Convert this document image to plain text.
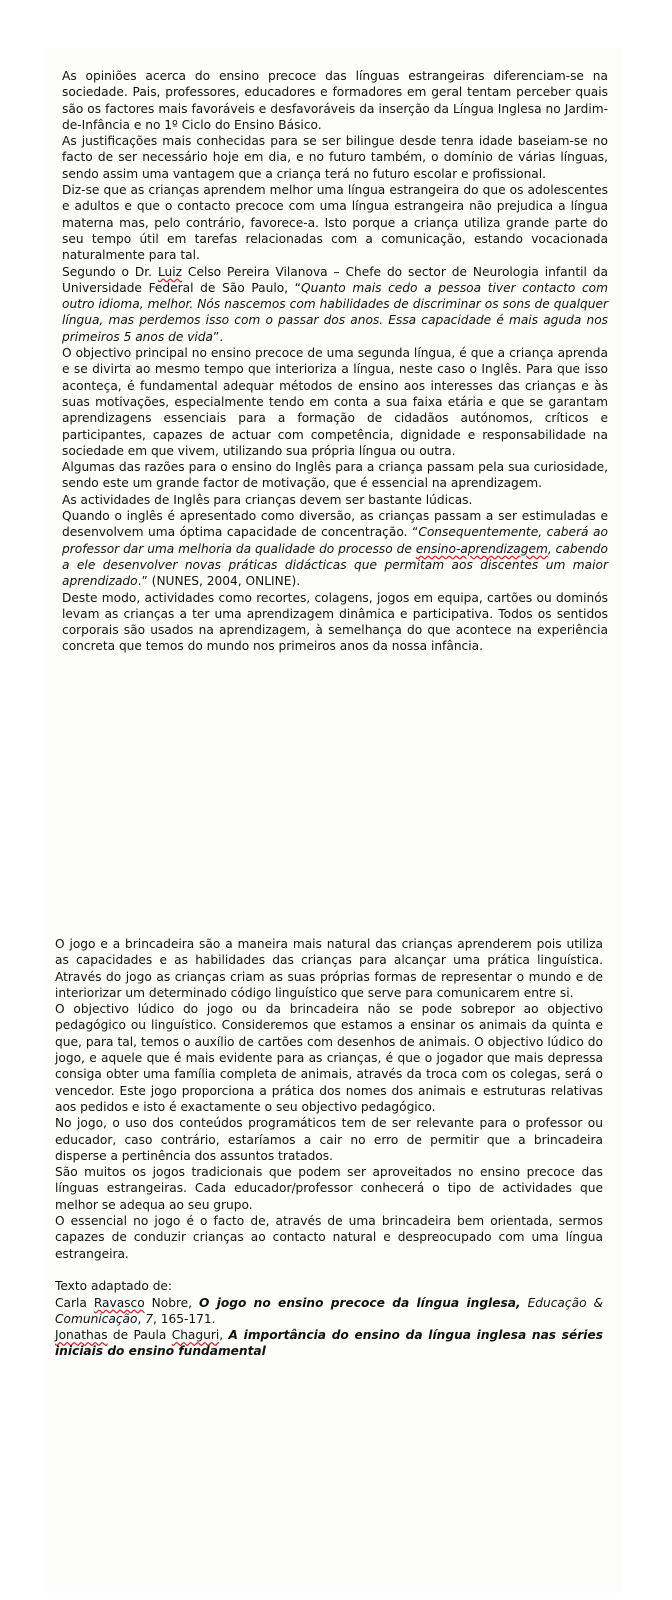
As opiniões acerca do ensino precoce das línguas estrangeiras diferenciam-se na sociedade. Pais, professores, educadores e formadores em geral tentam perceber quais são os factores mais favoráveis e desfavoráveis da inserção da Língua Inglesa no Jardim-de-Infância e no 1º Ciclo do Ensino Básico.

As justificações mais conhecidas para se ser bilingue desde tenra idade baseiam-se no facto de ser necessário hoje em dia, e no futuro também, o domínio de várias línguas, sendo assim uma vantagem que a criança terá no futuro escolar e profissional.

Diz-se que as crianças aprendem melhor uma língua estrangeira do que os adolescentes e adultos e que o contacto precoce com uma língua estrangeira não prejudica a língua materna mas, pelo contrário, favorece-a. Isto porque a criança utiliza grande parte do seu tempo útil em tarefas relacionadas com a comunicação, estando vocacionada naturalmente para tal.

Segundo o Dr. Luiz Celso Pereira Vilanova – Chefe do sector de Neurologia infantil da Universidade Federal de São Paulo, “Quanto mais cedo a pessoa tiver contacto com outro idioma, melhor. Nós nascemos com habilidades de discriminar os sons de qualquer língua, mas perdemos isso com o passar dos anos. Essa capacidade é mais aguda nos primeiros 5 anos de vida”.

O objectivo principal no ensino precoce de uma segunda língua, é que a criança aprenda e se divirta ao mesmo tempo que interioriza a língua, neste caso o Inglês. Para que isso aconteça, é fundamental adequar métodos de ensino aos interesses das crianças e às suas motivações, especialmente tendo em conta a sua faixa etária e que se garantam aprendizagens essenciais para a formação de cidadãos autónomos, críticos e participantes, capazes de actuar com competência, dignidade e responsabilidade na sociedade em que vivem, utilizando sua própria língua ou outra.

Algumas das razões para o ensino do Inglês para a criança passam pela sua curiosidade, sendo este um grande factor de motivação, que é essencial na aprendizagem.

As actividades de Inglês para crianças devem ser bastante lúdicas.

Quando o inglês é apresentado como diversão, as crianças passam a ser estimuladas e desenvolvem uma óptima capacidade de concentração. “Consequentemente, caberá ao professor dar uma melhoria da qualidade do processo de ensino-aprendizagem, cabendo a ele desenvolver novas práticas didácticas que permitam aos discentes um maior aprendizado.” (NUNES, 2004, ONLINE).

Deste modo, actividades como recortes, colagens, jogos em equipa, cartões ou dominós levam as crianças a ter uma aprendizagem dinâmica e participativa. Todos os sentidos corporais são usados na aprendizagem, à semelhança do que acontece na experiência concreta que temos do mundo nos primeiros anos da nossa infância.

O jogo e a brincadeira são a maneira mais natural das crianças aprenderem pois utiliza as capacidades e as habilidades das crianças para alcançar uma prática linguística. Através do jogo as crianças criam as suas próprias formas de representar o mundo e de interiorizar um determinado código linguístico que serve para comunicarem entre si.

O objectivo lúdico do jogo ou da brincadeira não se pode sobrepor ao objectivo pedagógico ou linguístico. Consideremos que estamos a ensinar os animais da quinta e que, para tal, temos o auxílio de cartões com desenhos de animais. O objectivo lúdico do jogo, e aquele que é mais evidente para as crianças, é que o jogador que mais depressa consiga obter uma família completa de animais, através da troca com os colegas, será o vencedor. Este jogo proporciona a prática dos nomes dos animais e estruturas relativas aos pedidos e isto é exactamente o seu objectivo pedagógico.

No jogo, o uso dos conteúdos programáticos tem de ser relevante para o professor ou educador, caso contrário, estaríamos a cair no erro de permitir que a brincadeira disperse a pertinência dos assuntos tratados.

São muitos os jogos tradicionais que podem ser aproveitados no ensino precoce das línguas estrangeiras. Cada educador/professor conhecerá o tipo de actividades que melhor se adequa ao seu grupo.

O essencial no jogo é o facto de, através de uma brincadeira bem orientada, sermos capazes de conduzir crianças ao contacto natural e despreocupado com uma língua estrangeira.

Texto adaptado de:

Carla Ravasco Nobre, O jogo no ensino precoce da língua inglesa, Educação & Comunicação, 7, 165-171.

Jonathas de Paula Chaguri, A importância do ensino da língua inglesa nas séries iniciais do ensino fundamental
